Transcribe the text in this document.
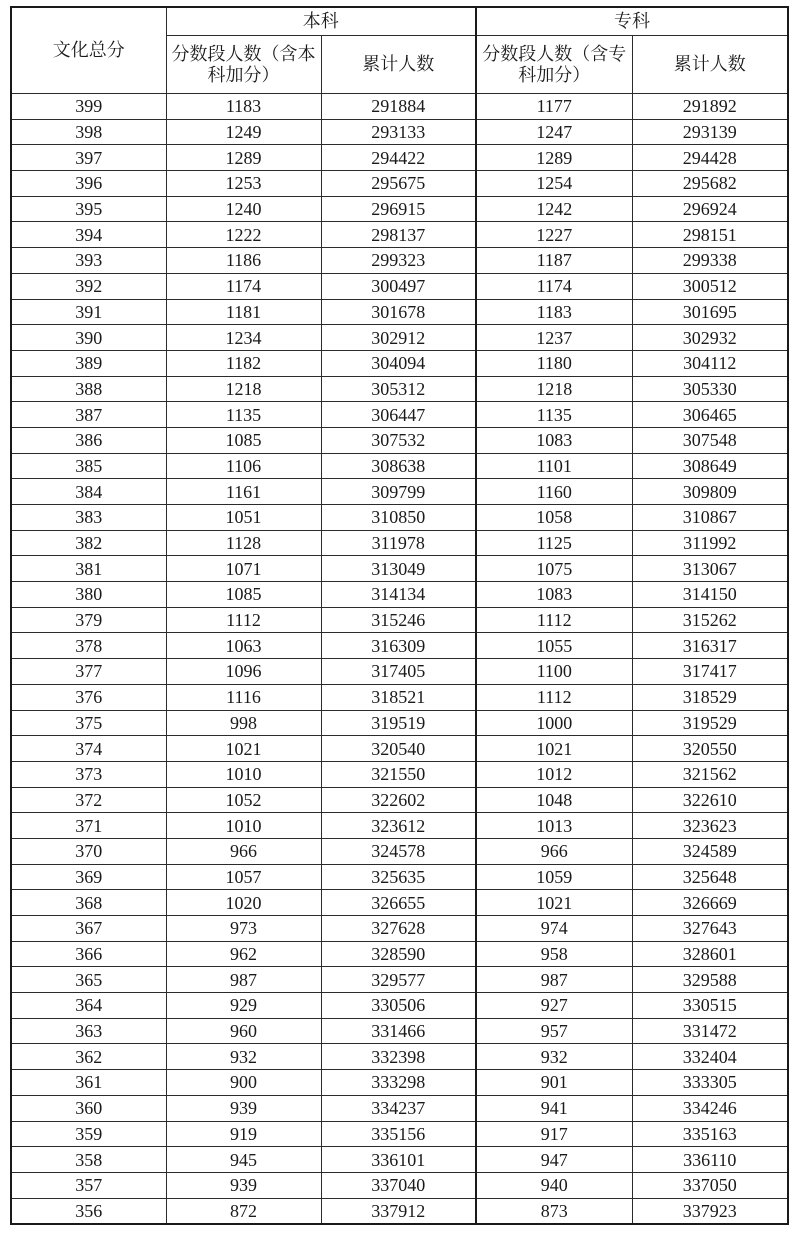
文化总分	本科		专科	
	分数段人数（含本科加分）	累计人数	分数段人数（含专科加分）	累计人数
399	1183	291884	1177	291892
398	1249	293133	1247	293139
397	1289	294422	1289	294428
396	1253	295675	1254	295682
395	1240	296915	1242	296924
394	1222	298137	1227	298151
393	1186	299323	1187	299338
392	1174	300497	1174	300512
391	1181	301678	1183	301695
390	1234	302912	1237	302932
389	1182	304094	1180	304112
388	1218	305312	1218	305330
387	1135	306447	1135	306465
386	1085	307532	1083	307548
385	1106	308638	1101	308649
384	1161	309799	1160	309809
383	1051	310850	1058	310867
382	1128	311978	1125	311992
381	1071	313049	1075	313067
380	1085	314134	1083	314150
379	1112	315246	1112	315262
378	1063	316309	1055	316317
377	1096	317405	1100	317417
376	1116	318521	1112	318529
375	998	319519	1000	319529
374	1021	320540	1021	320550
373	1010	321550	1012	321562
372	1052	322602	1048	322610
371	1010	323612	1013	323623
370	966	324578	966	324589
369	1057	325635	1059	325648
368	1020	326655	1021	326669
367	973	327628	974	327643
366	962	328590	958	328601
365	987	329577	987	329588
364	929	330506	927	330515
363	960	331466	957	331472
362	932	332398	932	332404
361	900	333298	901	333305
360	939	334237	941	334246
359	919	335156	917	335163
358	945	336101	947	336110
357	939	337040	940	337050
356	872	337912	873	337923
